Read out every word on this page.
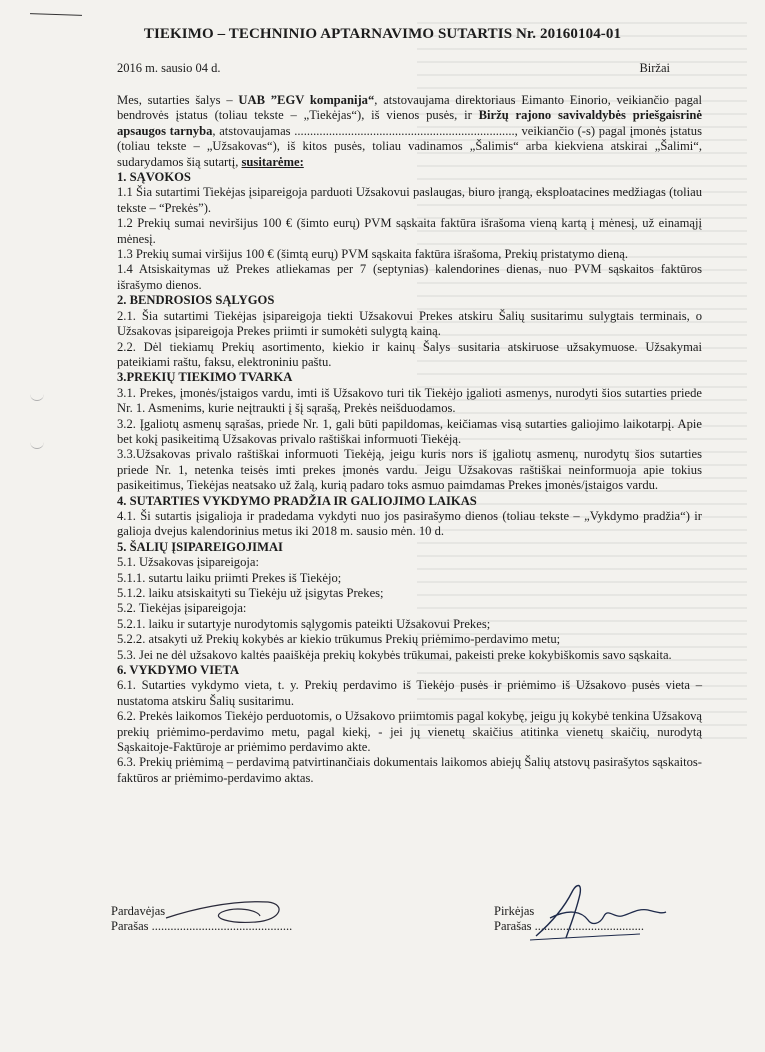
TIEKIMO – TECHNINIO APTARNAVIMO SUTARTIS Nr. 20160104-01
2016 m. sausio 04 d.	Biržai

Mes, sutarties šalys – UAB ”EGV kompanija“, atstovaujama direktoriaus Eimanto Einorio, veikiančio pagal bendrovės įstatus (toliau tekste – „Tiekėjas“), iš vienos pusės, ir Biržų rajono savivaldybės priešgaisrinė apsaugos tarnyba, atstovaujamas ......................................................................, veikiančio (-s) pagal įmonės įstatus (toliau tekste – „Užsakovas“), iš kitos pusės, toliau vadinamos „Šalimis“ arba kiekviena atskirai „Šalimi“, sudarydamos šią sutartį, susitarėme:

1. SĄVOKOS

1.1 Šia sutartimi Tiekėjas įsipareigoja parduoti Užsakovui paslaugas, biuro įrangą, eksploatacines medžiagas (toliau tekste – “Prekės”).

1.2 Prekių sumai neviršijus 100 € (šimto eurų) PVM sąskaita faktūra išrašoma vieną kartą į mėnesį, už einamąjį mėnesį.

1.3 Prekių sumai viršijus 100 € (šimtą eurų) PVM sąskaita faktūra išrašoma, Prekių pristatymo dieną.

1.4 Atsiskaitymas už Prekes atliekamas per 7 (septynias) kalendorines dienas, nuo PVM sąskaitos faktūros išrašymo dienos.

2. BENDROSIOS SĄLYGOS

2.1. Šia sutartimi Tiekėjas įsipareigoja tiekti Užsakovui Prekes atskiru Šalių susitarimu sulygtais terminais, o Užsakovas įsipareigoja Prekes priimti ir sumokėti sulygtą kainą.

2.2. Dėl tiekiamų Prekių asortimento, kiekio ir kainų Šalys susitaria atskiruose užsakymuose. Užsakymai pateikiami raštu, faksu, elektroniniu paštu.

3.PREKIŲ TIEKIMO TVARKA

3.1. Prekes, įmonės/įstaigos vardu, imti iš Užsakovo turi tik Tiekėjo įgalioti asmenys, nurodyti šios sutarties priede Nr. 1. Asmenims, kurie neįtraukti į šį sąrašą, Prekės neišduodamos.

3.2. Įgaliotų asmenų sąrašas, priede Nr. 1, gali būti papildomas, keičiamas visą sutarties galiojimo laikotarpį. Apie bet kokį pasikeitimą Užsakovas privalo raštiškai informuoti Tiekėją.

3.3.Užsakovas privalo raštiškai informuoti Tiekėją, jeigu kuris nors iš įgaliotų asmenų, nurodytų šios sutarties priede Nr. 1, netenka teisės imti prekes įmonės vardu. Jeigu Užsakovas raštiškai neinformuoja apie tokius pasikeitimus, Tiekėjas neatsako už žalą, kurią padaro toks asmuo paimdamas Prekes įmonės/įstaigos vardu.

4. SUTARTIES VYKDYMO PRADŽIA IR GALIOJIMO LAIKAS

4.1. Ši sutartis įsigalioja ir pradedama vykdyti nuo jos pasirašymo dienos (toliau tekste – „Vykdymo pradžia“) ir galioja dvejus kalendorinius metus iki 2018 m. sausio mėn. 10 d.

5. ŠALIŲ ĮSIPAREIGOJIMAI

5.1. Užsakovas įsipareigoja:

5.1.1. sutartu laiku priimti Prekes iš Tiekėjo;

5.1.2. laiku atsiskaityti su Tiekėju už įsigytas Prekes;

5.2. Tiekėjas įsipareigoja:

5.2.1. laiku ir sutartyje nurodytomis sąlygomis pateikti Užsakovui Prekes;

5.2.2. atsakyti už Prekių kokybės ar kiekio trūkumus Prekių priėmimo-perdavimo metu;

5.3. Jei ne dėl užsakovo kaltės paaiškėja prekių kokybės trūkumai, pakeisti preke kokybiškomis savo sąskaita.

6. VYKDYMO VIETA

6.1. Sutarties vykdymo vieta, t. y. Prekių perdavimo iš Tiekėjo pusės ir priėmimo iš Užsakovo pusės vieta – nustatoma atskiru Šalių susitarimu.

6.2. Prekės laikomos Tiekėjo perduotomis, o Užsakovo priimtomis pagal kokybę, jeigu jų kokybė tenkina Užsakovą prekių priėmimo-perdavimo metu, pagal kiekį, - jei jų vienetų skaičius atitinka vienetų skaičių, nurodytą Sąskaitoje-Faktūroje ar priėmimo perdavimo akte.

6.3. Prekių priėmimą – perdavimą patvirtinančiais dokumentais laikomos abiejų Šalių atstovų pasirašytos sąskaitos- faktūros ar priėmimo-perdavimo aktas.

Pardavėjas
Parašas .............................................
Pirkėjas
Parašas ...................................
